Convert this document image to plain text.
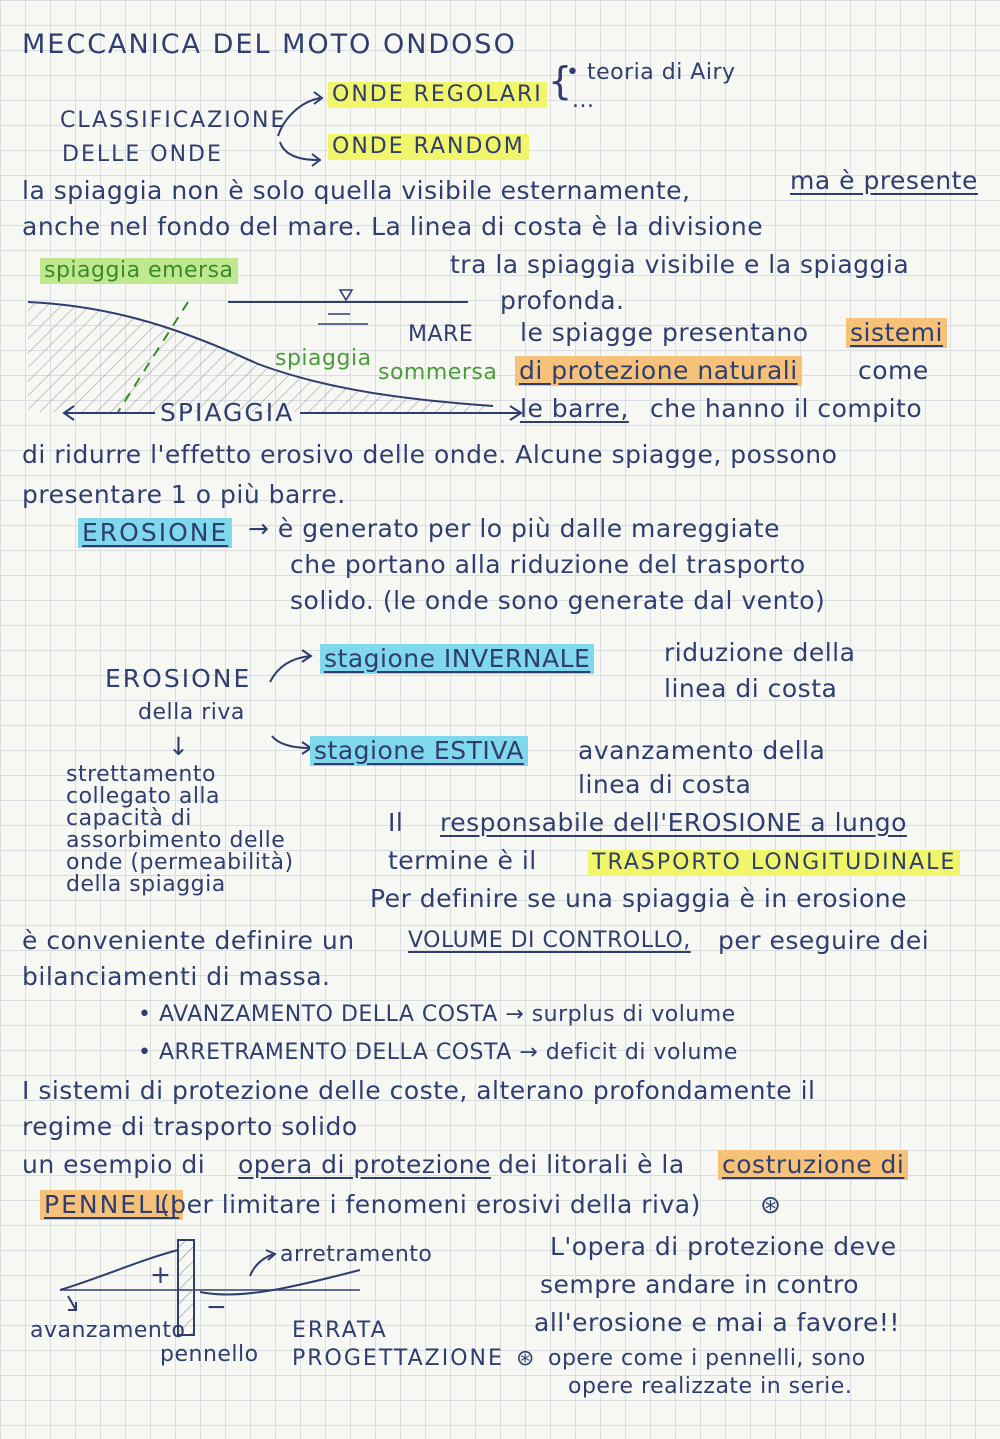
MECCANICA DEL MOTO ONDOSO
CLASSIFICAZIONE
DELLE ONDE
ONDE REGOLARI {
• teoria di Airy
...
ONDE RANDOM
la spiaggia non è solo quella visibile esternamente,	ma è presente
anche nel fondo del mare. La linea di costa è la divisione
tra la spiaggia visibile e la spiaggia
profonda.
spiaggia emersa
MARE
spiaggia
sommersa
SPIAGGIA
le spiagge presentano sistemi
di protezione naturali come
le barre, che hanno il compito
di ridurre l'effetto erosivo delle onde. Alcune spiagge, possono
presentare 1 o più barre.
EROSIONE → è generato per lo più dalle mareggiate
che portano alla riduzione del trasporto
solido. (le onde sono generate dal vento)
EROSIONE
della riva
stagione INVERNALE	riduzione della
linea di costa
stagione ESTIVA avanzamento della
linea di costa
↓
strettamento
collegato alla
capacità di
assorbimento delle
onde (permeabilità)
della spiaggia
Il responsabile dell'EROSIONE a lungo
termine è il	TRASPORTO LONGITUDINALE
Per definire se una spiaggia è in erosione
è conveniente definire un VOLUME DI CONTROLLO, per eseguire dei
bilanciamenti di massa.
• AVANZAMENTO DELLA COSTA → surplus di volume
• ARRETRAMENTO DELLA COSTA → deficit di volume
I sistemi di protezione delle coste, alterano profondamente il
regime di trasporto solido
un esempio di opera di protezione dei litorali è la costruzione di
PENNELLI
(per limitare i fenomeni erosivi della riva) ⊛
+
−
arretramento
avanzamento
pennello
ERRATA
PROGETTAZIONE
L'opera di protezione deve
sempre andare in contro
all'erosione e mai a favore!!
⊛ opere come i pennelli, sono
opere realizzate in serie.
